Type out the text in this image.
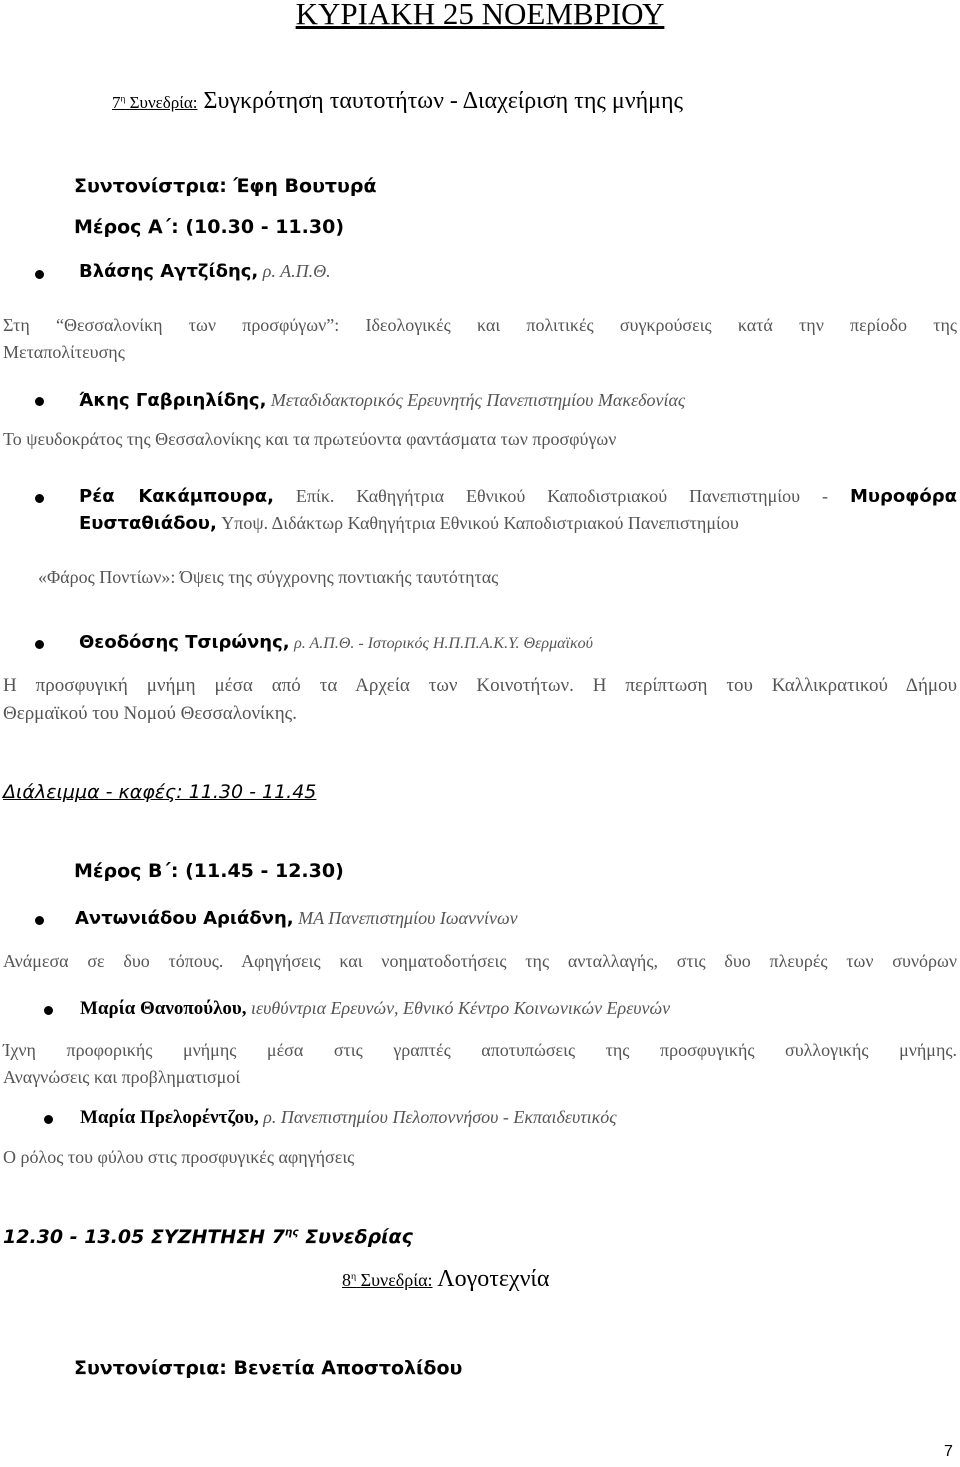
ΚΥΡΙΑΚΗ 25 ΝΟΕΜΒΡΙΟΥ
$7^\eta$ Συνεδρία: Συγκρότηση ταυτοτήτων - Διαχείριση της μνήμης
Συντονίστρια: Έφη Βουτυρά
Μέρος Α΄: (10.30 - 11.30)
Βλάσης Αγτζίδης, ρ. Α.Π.Θ.
Στη “Θεσσαλονίκη των προσφύγων”: Ιδεολογικές και πολιτικές συγκρούσεις κατά την περίοδο της
Μεταπολίτευσης
Άκης Γαβριηλίδης, Μεταδιδακτορικός Ερευνητής Πανεπιστημίου Μακεδονίας
Το ψευδοκράτος της Θεσσαλονίκης και τα πρωτεύοντα φαντάσματα των προσφύγων
Ρέα Κακάμπουρα, Επίκ. Καθηγήτρια Εθνικού Καποδιστριακού Πανεπιστημίου - Μυροφόρα
Ευσταθιάδου, Υποψ. Διδάκτωρ Καθηγήτρια Εθνικού Καποδιστριακού Πανεπιστημίου
«Φάρος Ποντίων»: Όψεις της σύγχρονης ποντιακής ταυτότητας
Θεοδόσης Τσιρώνης, ρ. Α.Π.Θ. - Ιστορικός Η.Π.Π.Α.Κ.Υ. Θερμαϊκού
Η προσφυγική μνήμη μέσα από τα Αρχεία των Κοινοτήτων. Η περίπτωση του Καλλικρατικού Δήμου
Θερμαϊκού του Νομού Θεσσαλονίκης.
Διάλειμμα - καφές: 11.30 - 11.45
Μέρος Β΄: (11.45 - 12.30)
Αντωνιάδου Αριάδνη, ΜΑ Πανεπιστημίου Ιωαννίνων
Ανάμεσα σε δυο τόπους. Αφηγήσεις και νοηματοδοτήσεις της ανταλλαγής, στις δυο πλευρές των συνόρων
Μαρία Θανοπούλου, ιευθύντρια Ερευνών, Εθνικό Κέντρο Κοινωνικών Ερευνών
Ίχνη προφορικής μνήμης μέσα στις γραπτές αποτυπώσεις της προσφυγικής συλλογικής μνήμης.
Αναγνώσεις και προβληματισμοί
Μαρία Πρελορέντζου, ρ. Πανεπιστημίου Πελοποννήσου - Εκπαιδευτικός
Ο ρόλος του φύλου στις προσφυγικές αφηγήσεις
12.30 - 13.05 ΣΥΖΗΤΗΣΗ $7^{\eta\varsigma}$ Συνεδρίας
$8^\eta$ Συνεδρία: Λογοτεχνία
Συντονίστρια: Βενετία Αποστολίδου
7
